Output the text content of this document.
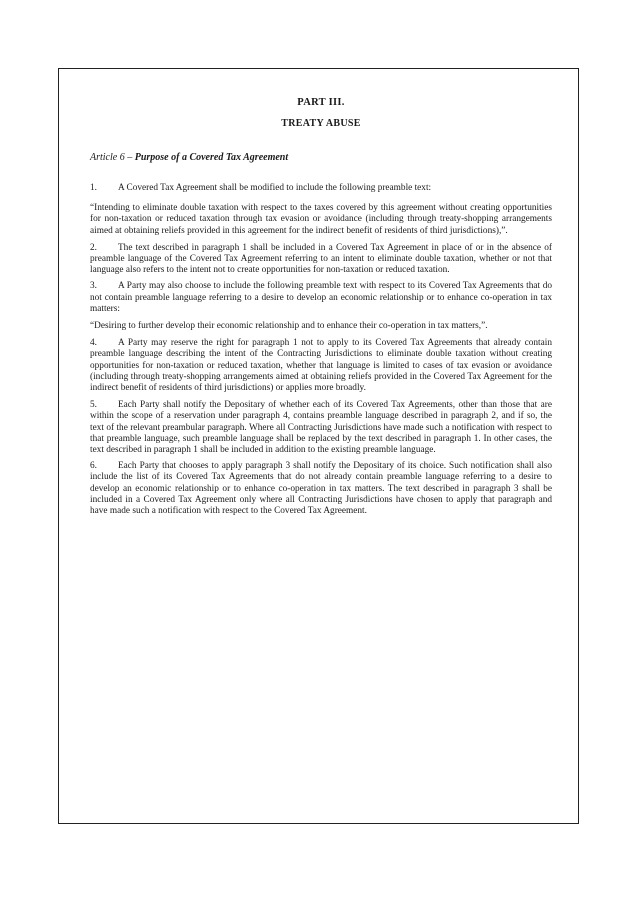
PART III.

TREATY ABUSE

Article 6 – Purpose of a Covered Tax Agreement

1. A Covered Tax Agreement shall be modified to include the following preamble text:

“Intending to eliminate double taxation with respect to the taxes covered by this agreement without creating opportunities for non-taxation or reduced taxation through tax evasion or avoidance (including through treaty-shopping arrangements aimed at obtaining reliefs provided in this agreement for the indirect benefit of residents of third jurisdictions),”.

2. The text described in paragraph 1 shall be included in a Covered Tax Agreement in place of or in the absence of preamble language of the Covered Tax Agreement referring to an intent to eliminate double taxation, whether or not that language also refers to the intent not to create opportunities for non-taxation or reduced taxation.

3. A Party may also choose to include the following preamble text with respect to its Covered Tax Agreements that do not contain preamble language referring to a desire to develop an economic relationship or to enhance co-operation in tax matters:

“Desiring to further develop their economic relationship and to enhance their co-operation in tax matters,”.

4. A Party may reserve the right for paragraph 1 not to apply to its Covered Tax Agreements that already contain preamble language describing the intent of the Contracting Jurisdictions to eliminate double taxation without creating opportunities for non-taxation or reduced taxation, whether that language is limited to cases of tax evasion or avoidance (including through treaty-shopping arrangements aimed at obtaining reliefs provided in the Covered Tax Agreement for the indirect benefit of residents of third jurisdictions) or applies more broadly.

5. Each Party shall notify the Depositary of whether each of its Covered Tax Agreements, other than those that are within the scope of a reservation under paragraph 4, contains preamble language described in paragraph 2, and if so, the text of the relevant preambular paragraph. Where all Contracting Jurisdictions have made such a notification with respect to that preamble language, such preamble language shall be replaced by the text described in paragraph 1. In other cases, the text described in paragraph 1 shall be included in addition to the existing preamble language.

6. Each Party that chooses to apply paragraph 3 shall notify the Depositary of its choice. Such notification shall also include the list of its Covered Tax Agreements that do not already contain preamble language referring to a desire to develop an economic relationship or to enhance co-operation in tax matters. The text described in paragraph 3 shall be included in a Covered Tax Agreement only where all Contracting Jurisdictions have chosen to apply that paragraph and have made such a notification with respect to the Covered Tax Agreement.
